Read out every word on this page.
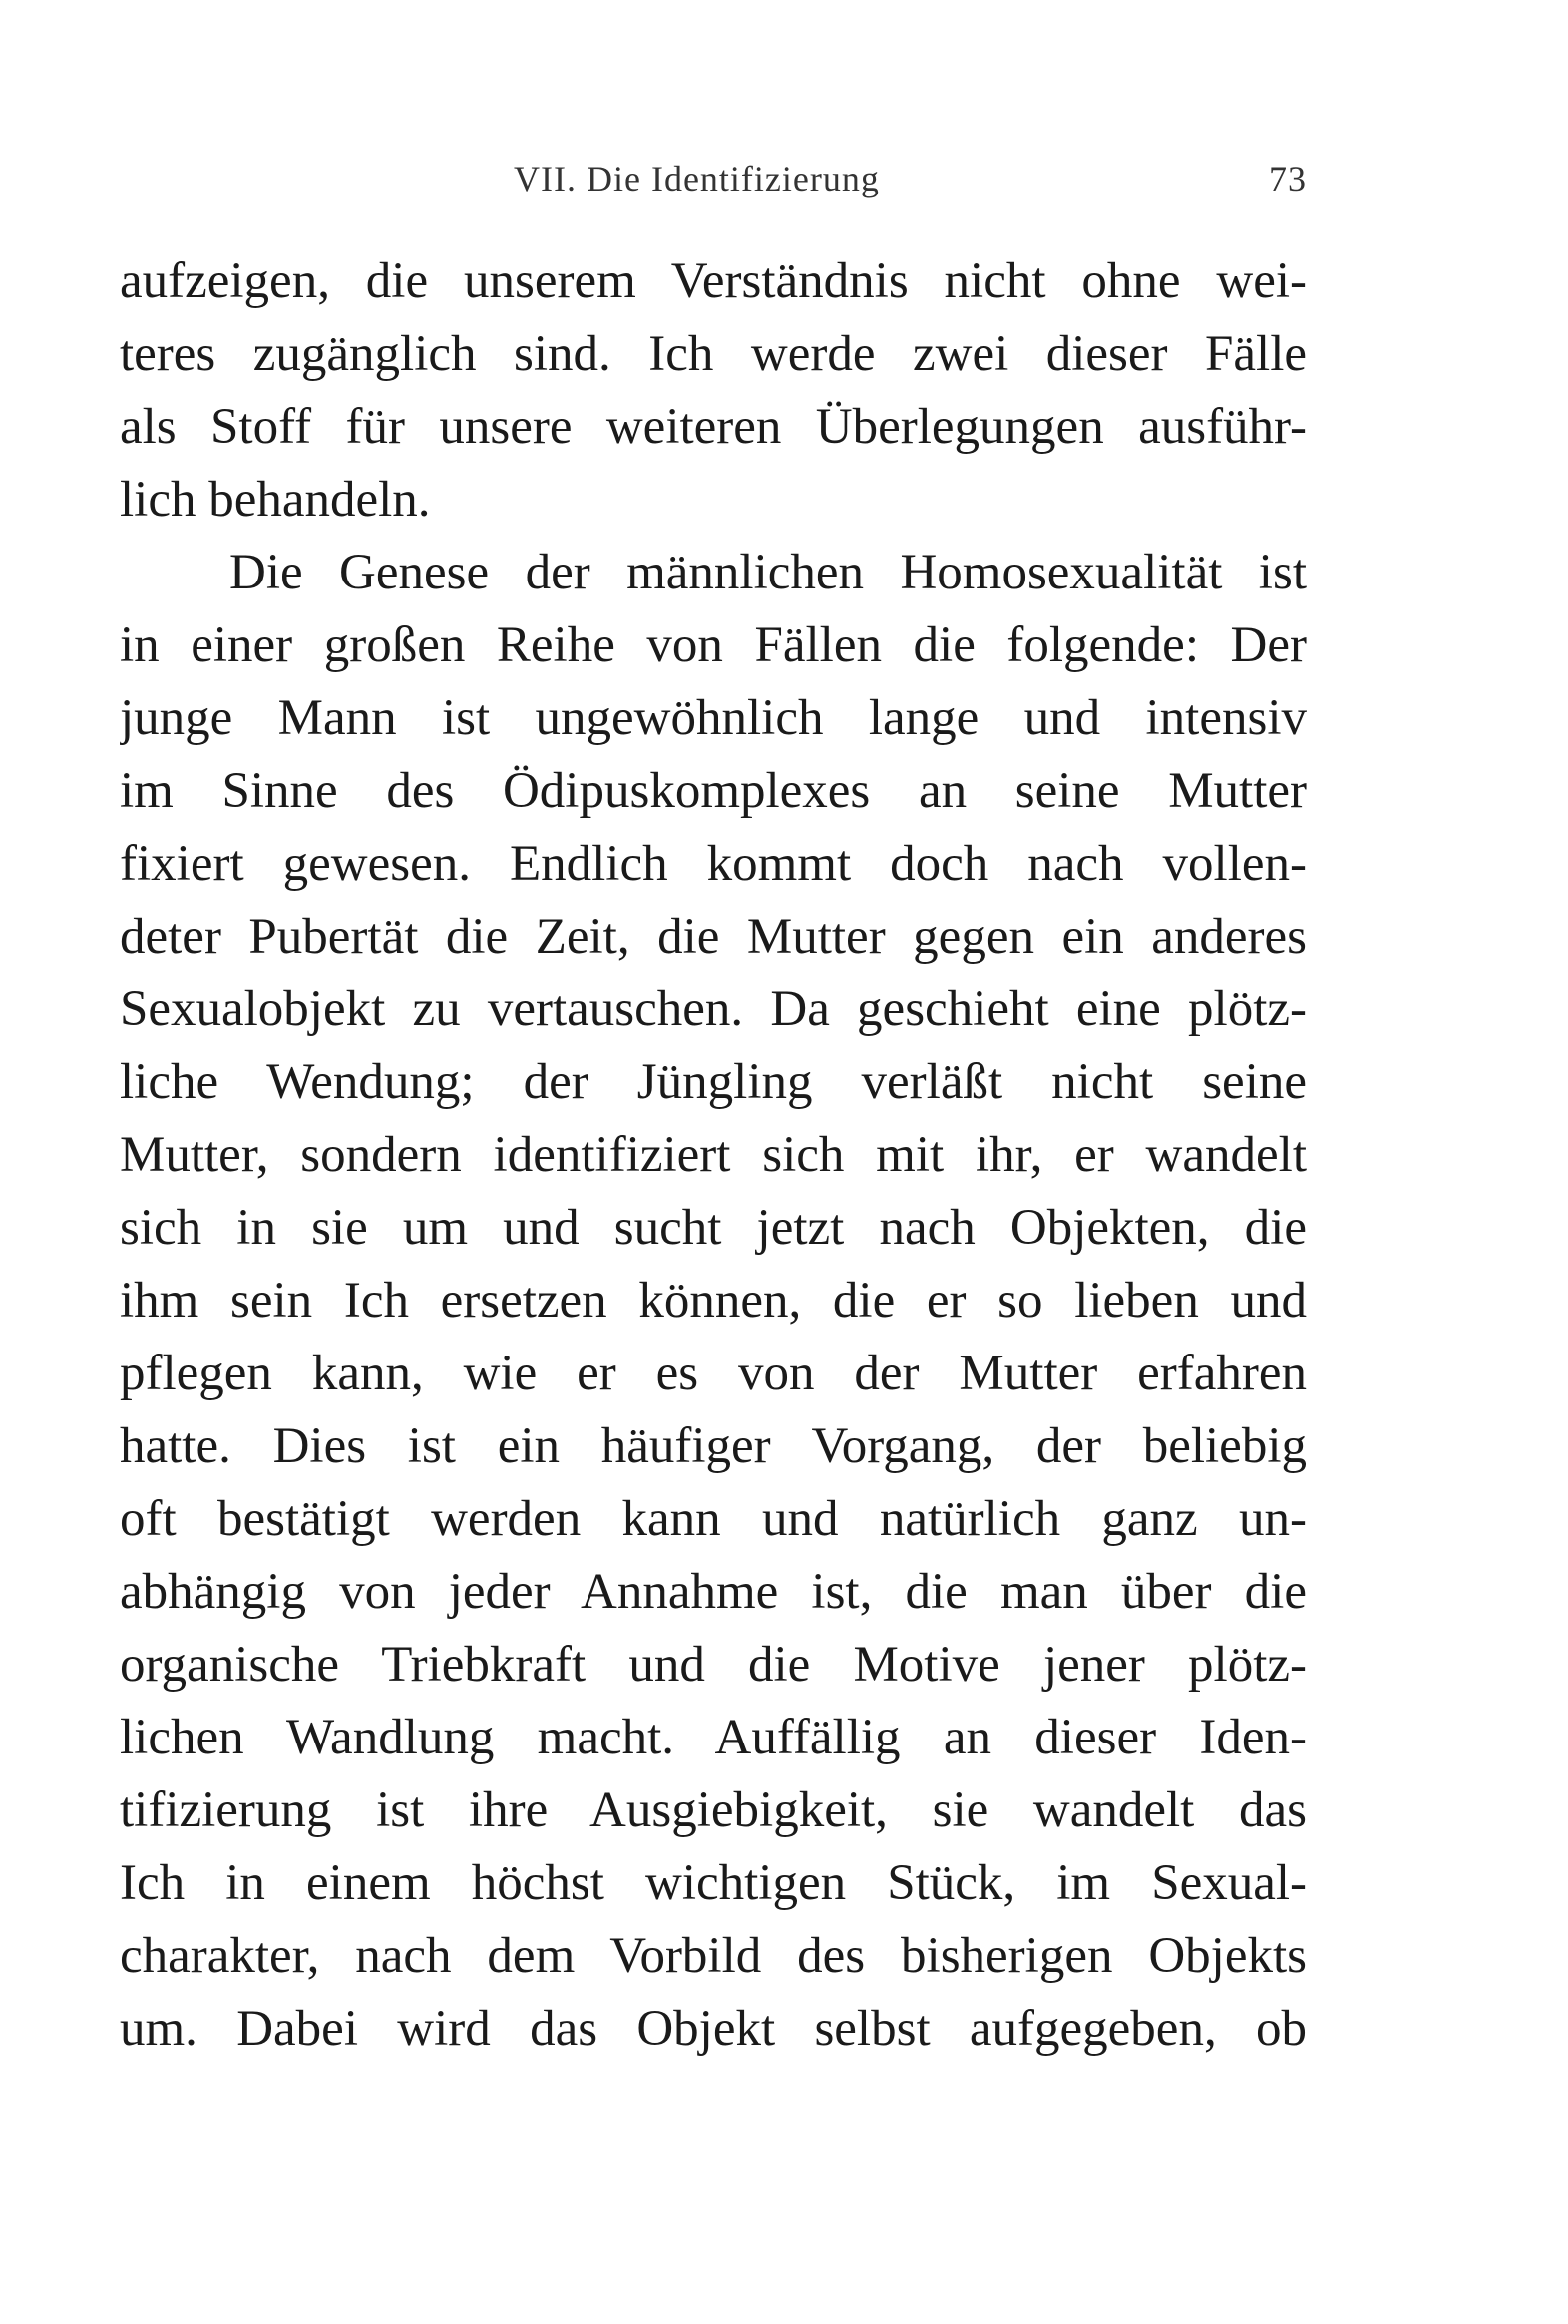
VII. Die Identifizierung	73
aufzeigen, die unserem Verständnis nicht ohne wei-
teres zugänglich sind. Ich werde zwei dieser Fälle
als Stoff für unsere weiteren Überlegungen ausführ-
lich behandeln.
Die Genese der männlichen Homosexualität ist
in einer großen Reihe von Fällen die folgende: Der
junge Mann ist ungewöhnlich lange und intensiv
im Sinne des Ödipuskomplexes an seine Mutter
fixiert gewesen. Endlich kommt doch nach vollen-
deter Pubertät die Zeit, die Mutter gegen ein anderes
Sexualobjekt zu vertauschen. Da geschieht eine plötz-
liche Wendung; der Jüngling verläßt nicht seine
Mutter, sondern identifiziert sich mit ihr, er wandelt
sich in sie um und sucht jetzt nach Objekten, die
ihm sein Ich ersetzen können, die er so lieben und
pflegen kann, wie er es von der Mutter erfahren
hatte. Dies ist ein häufiger Vorgang, der beliebig
oft bestätigt werden kann und natürlich ganz un-
abhängig von jeder Annahme ist, die man über die
organische Triebkraft und die Motive jener plötz-
lichen Wandlung macht. Auffällig an dieser Iden-
tifizierung ist ihre Ausgiebigkeit, sie wandelt das
Ich in einem höchst wichtigen Stück, im Sexual-
charakter, nach dem Vorbild des bisherigen Objekts
um. Dabei wird das Objekt selbst aufgegeben, ob
